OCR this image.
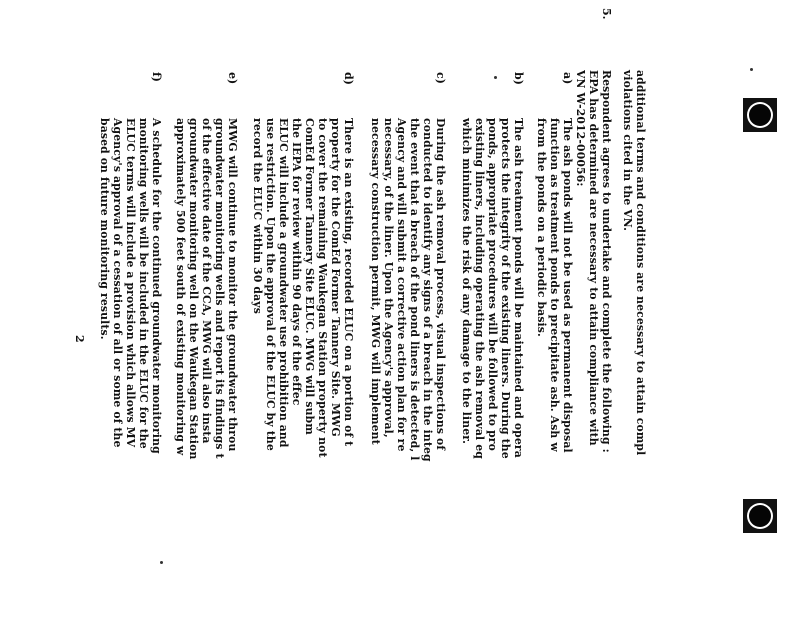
additional terms and conditions are necessary to attain compl
violations cited in the VN.
5.
Respondent agrees to undertake and complete the following :
EPA has determined are necessary to attain compliance with
VN W-2012-00056:
a)
The ash ponds will not be used as permanent disposal
function as treatment ponds to precipitate ash. Ash w
from the ponds on a periodic basis.
b)
The ash treatment ponds will be maintained and opera
protects the integrity of the existing liners. During the
ponds, appropriate procedures will be followed to pro
existing liners, including operating the ash removal eq
which minimizes the risk of any damage to the liner.
c)
During the ash removal process, visual inspections of
conducted to identify any signs of a breach in the integ
the event that a breach of the pond liners is detected, l
Agency and will submit a corrective action plan for re
necessary, of the liner. Upon the Agency's approval,
necessary construction permit, MWG will implement
d)
There is an existing, recorded ELUC on a portion of t
property for the ComEd Former Tannery Site. MWG
to cover the remaining Waukegan Station property not
ComEd Former Tannery Site ELUC. MWG will subm
the IEPA for review within 90 days of the effec
ELUC will include a groundwater use prohibition and
use restriction. Upon the approval of the ELUC by the
record the ELUC within 30 days
e)
MWG will continue to monitor the groundwater throu
groundwater monitoring wells and report its findings t
of the effective date of the CCA, MWG will also insta
groundwater monitoring well on the Waukegan Station
approximately 500 feet south of existing monitoring w
f)
A schedule for the continued groundwater monitoring
monitoring wells will be included in the ELUC for the
ELUC terms will include a provision which allows MV
Agency's approval of a cessation of all or some of the
based on future monitoring results.
2
